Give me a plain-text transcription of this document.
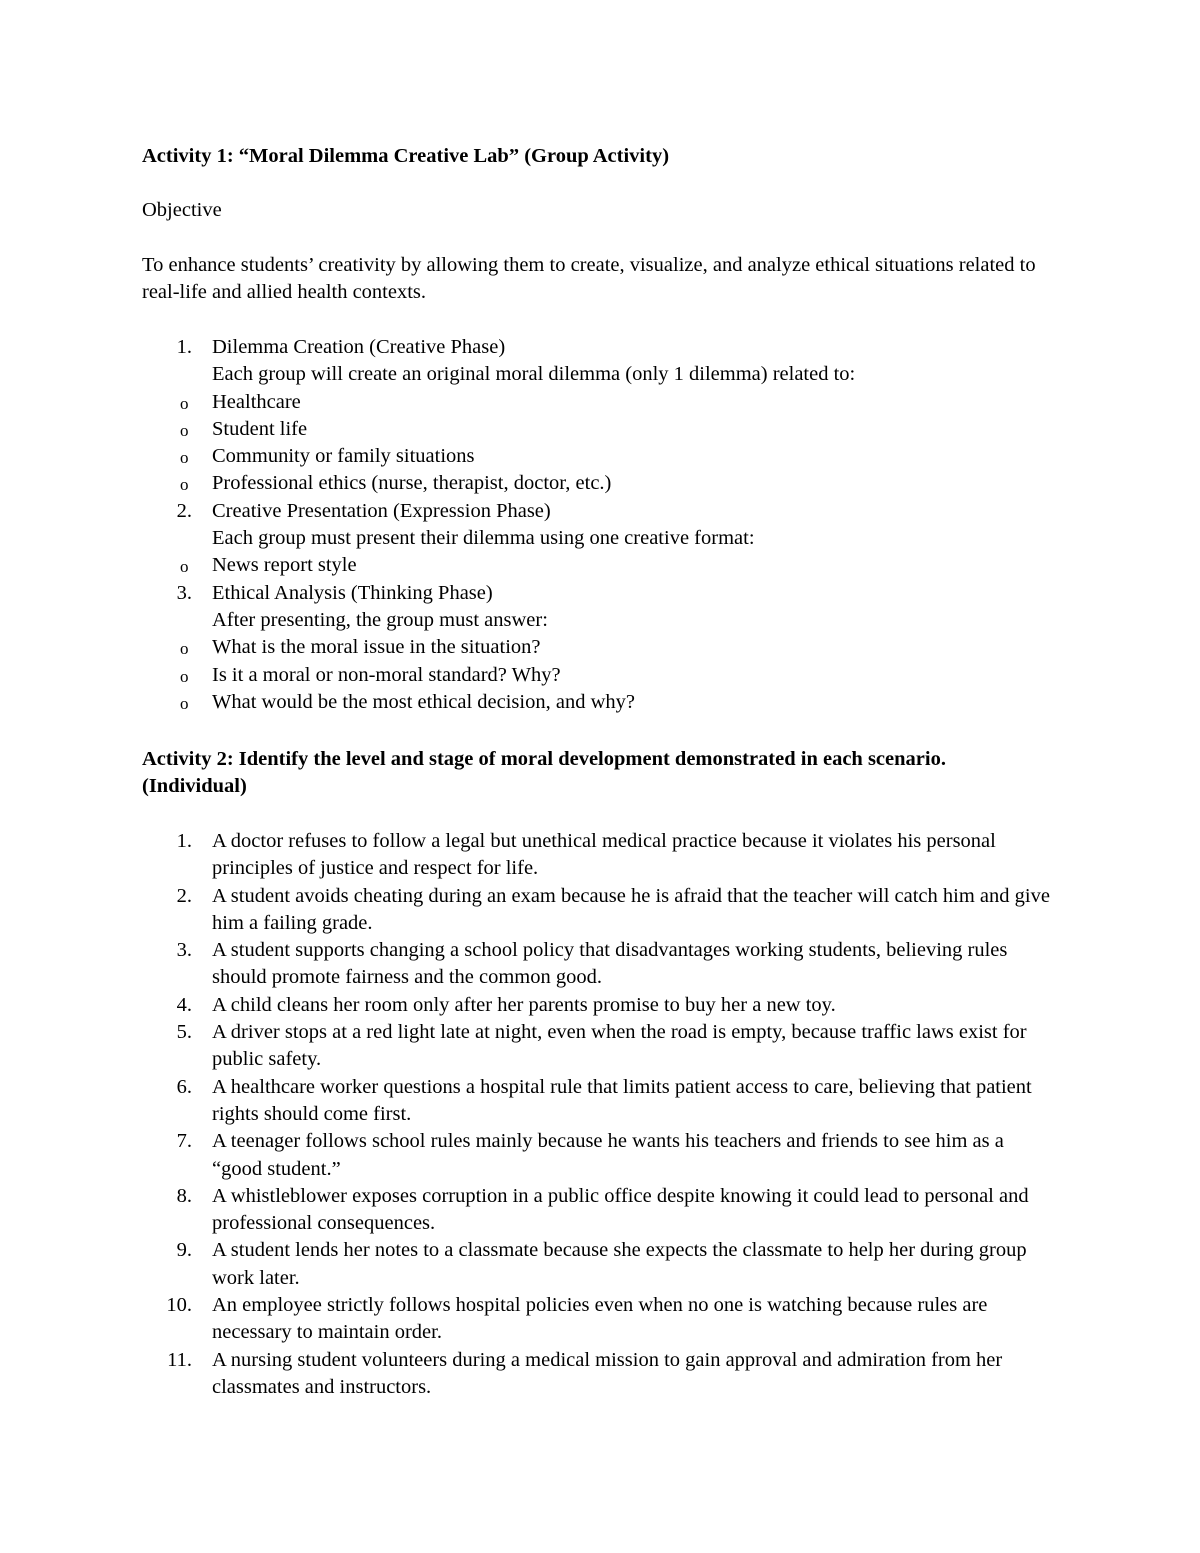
Activity 1: “Moral Dilemma Creative Lab” (Group Activity)

Objective

To enhance students’ creativity by allowing them to create, visualize, and analyze ethical situations related to real-life and allied health contexts.

1. Dilemma Creation (Creative Phase)
Each group will create an original moral dilemma (only 1 dilemma) related to:
o Healthcare
o Student life
o Community or family situations
o Professional ethics (nurse, therapist, doctor, etc.)
2. Creative Presentation (Expression Phase)
Each group must present their dilemma using one creative format:
o News report style
3. Ethical Analysis (Thinking Phase)
After presenting, the group must answer:
o What is the moral issue in the situation?
o Is it a moral or non-moral standard? Why?
o What would be the most ethical decision, and why?

Activity 2: Identify the level and stage of moral development demonstrated in each scenario. (Individual)

1. A doctor refuses to follow a legal but unethical medical practice because it violates his personal principles of justice and respect for life.
2. A student avoids cheating during an exam because he is afraid that the teacher will catch him and give him a failing grade.
3. A student supports changing a school policy that disadvantages working students, believing rules should promote fairness and the common good.
4. A child cleans her room only after her parents promise to buy her a new toy.
5. A driver stops at a red light late at night, even when the road is empty, because traffic laws exist for public safety.
6. A healthcare worker questions a hospital rule that limits patient access to care, believing that patient rights should come first.
7. A teenager follows school rules mainly because he wants his teachers and friends to see him as a “good student.”
8. A whistleblower exposes corruption in a public office despite knowing it could lead to personal and professional consequences.
9. A student lends her notes to a classmate because she expects the classmate to help her during group work later.
10. An employee strictly follows hospital policies even when no one is watching because rules are necessary to maintain order.
11. A nursing student volunteers during a medical mission to gain approval and admiration from her classmates and instructors.
